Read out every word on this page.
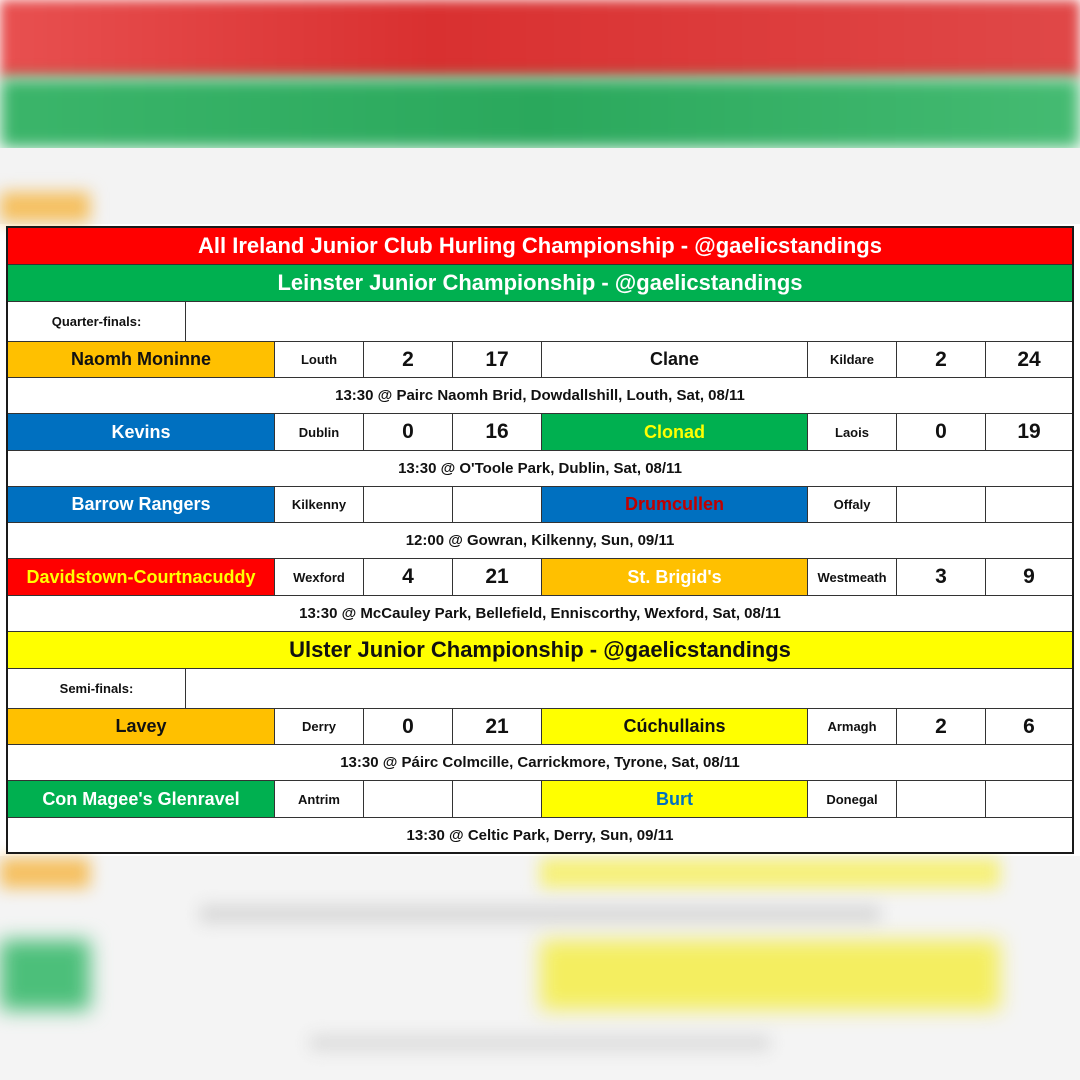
All Ireland Junior Club Hurling Championship - @gaelicstandings
Leinster Junior Championship - @gaelicstandings
Quarter-finals:
Naomh Moninne	Louth	2	17	Clane	Kildare	2	24
13:30 @ Pairc Naomh Brid, Dowdallshill, Louth, Sat, 08/11
Kevins	Dublin	0	16	Clonad	Laois	0	19
13:30 @ O'Toole Park, Dublin, Sat, 08/11
Barrow Rangers	Kilkenny	Drumcullen	Offaly
12:00 @ Gowran, Kilkenny, Sun, 09/11
Davidstown-Courtnacuddy	Wexford	4	21	St. Brigid's	Westmeath	3	9
13:30 @ McCauley Park, Bellefield, Enniscorthy, Wexford, Sat, 08/11
Ulster Junior Championship - @gaelicstandings
Semi-finals:
Lavey	Derry	0	21	Cúchullains	Armagh	2	6
13:30 @ Páirc Colmcille, Carrickmore, Tyrone, Sat, 08/11
Con Magee's Glenravel	Antrim	Burt	Donegal
13:30 @ Celtic Park, Derry, Sun, 09/11
